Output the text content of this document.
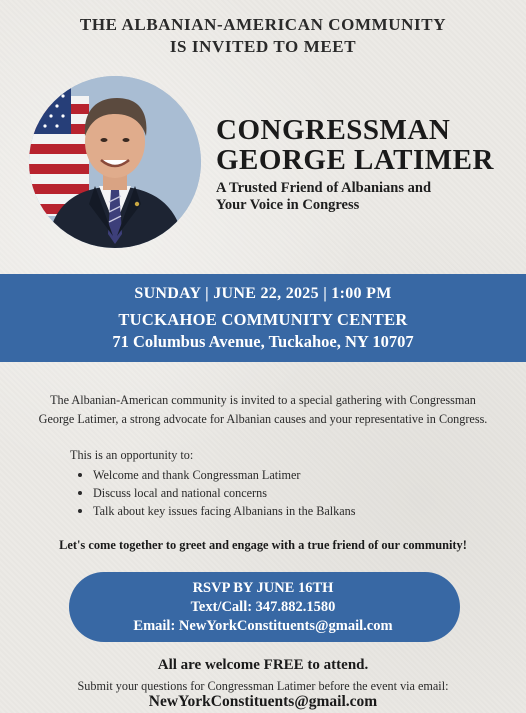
THE ALBANIAN-AMERICAN COMMUNITY
IS INVITED TO MEET
CONGRESSMAN
GEORGE LATIMER
A Trusted Friend of Albanians and
Your Voice in Congress
SUNDAY | JUNE 22, 2025 | 1:00 PM
TUCKAHOE COMMUNITY CENTER
71 Columbus Avenue, Tuckahoe, NY 10707
The Albanian-American community is invited to a special gathering with Congressman
George Latimer, a strong advocate for Albanian causes and your representative in Congress.
This is an opportunity to:
Welcome and thank Congressman Latimer
Discuss local and national concerns
Talk about key issues facing Albanians in the Balkans
Let's come together to greet and engage with a true friend of our community!
RSVP BY JUNE 16TH
Text/Call: 347.882.1580
Email: NewYorkConstituents@gmail.com
All are welcome FREE to attend.
Submit your questions for Congressman Latimer before the event via email:
NewYorkConstituents@gmail.com
